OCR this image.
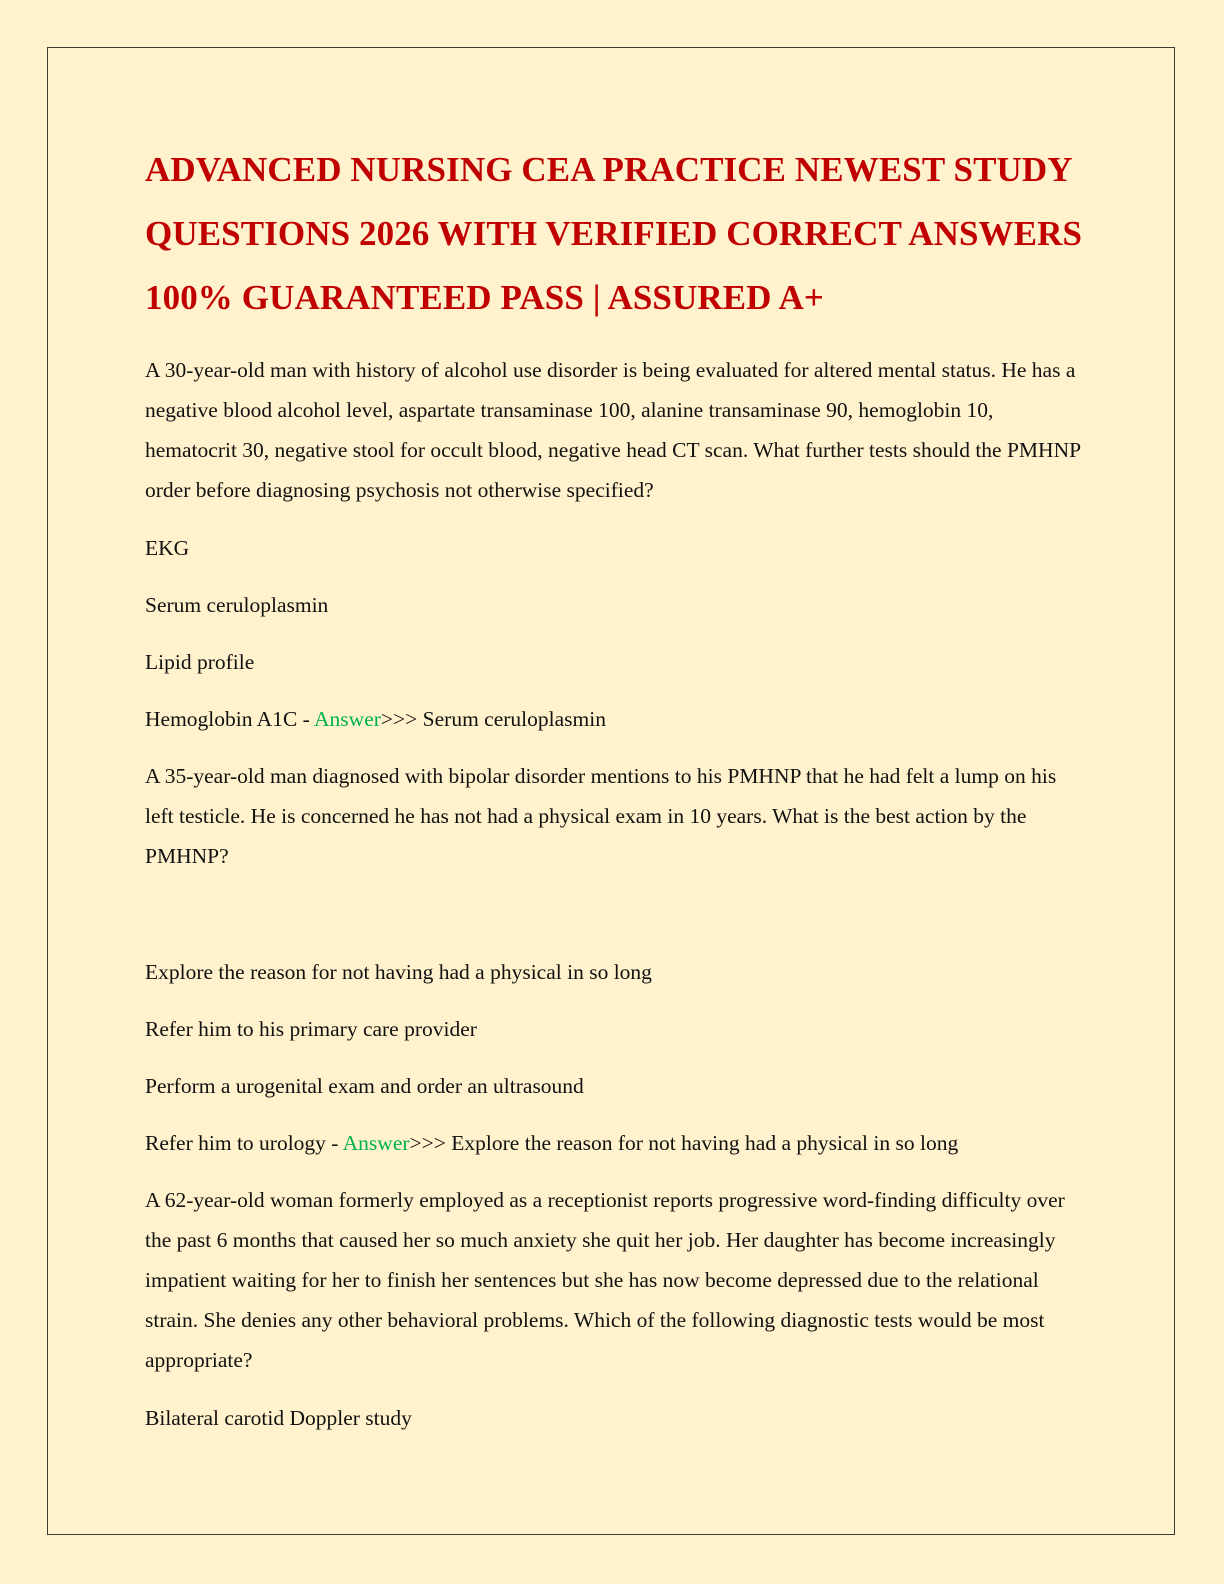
ADVANCED NURSING CEA PRACTICE NEWEST STUDY QUESTIONS 2026 WITH VERIFIED CORRECT ANSWERS 100% GUARANTEED PASS | ASSURED A+

A 30-year-old man with history of alcohol use disorder is being evaluated for altered mental status. He has a negative blood alcohol level, aspartate transaminase 100, alanine transaminase 90, hemoglobin 10, hematocrit 30, negative stool for occult blood, negative head CT scan. What further tests should the PMHNP order before diagnosing psychosis not otherwise specified?

EKG

Serum ceruloplasmin

Lipid profile

Hemoglobin A1C - Answer>>> Serum ceruloplasmin

A 35-year-old man diagnosed with bipolar disorder mentions to his PMHNP that he had felt a lump on his left testicle. He is concerned he has not had a physical exam in 10 years. What is the best action by the PMHNP?

Explore the reason for not having had a physical in so long

Refer him to his primary care provider

Perform a urogenital exam and order an ultrasound

Refer him to urology - Answer>>> Explore the reason for not having had a physical in so long

A 62-year-old woman formerly employed as a receptionist reports progressive word-finding difficulty over the past 6 months that caused her so much anxiety she quit her job. Her daughter has become increasingly impatient waiting for her to finish her sentences but she has now become depressed due to the relational strain. She denies any other behavioral problems. Which of the following diagnostic tests would be most appropriate?

Bilateral carotid Doppler study
